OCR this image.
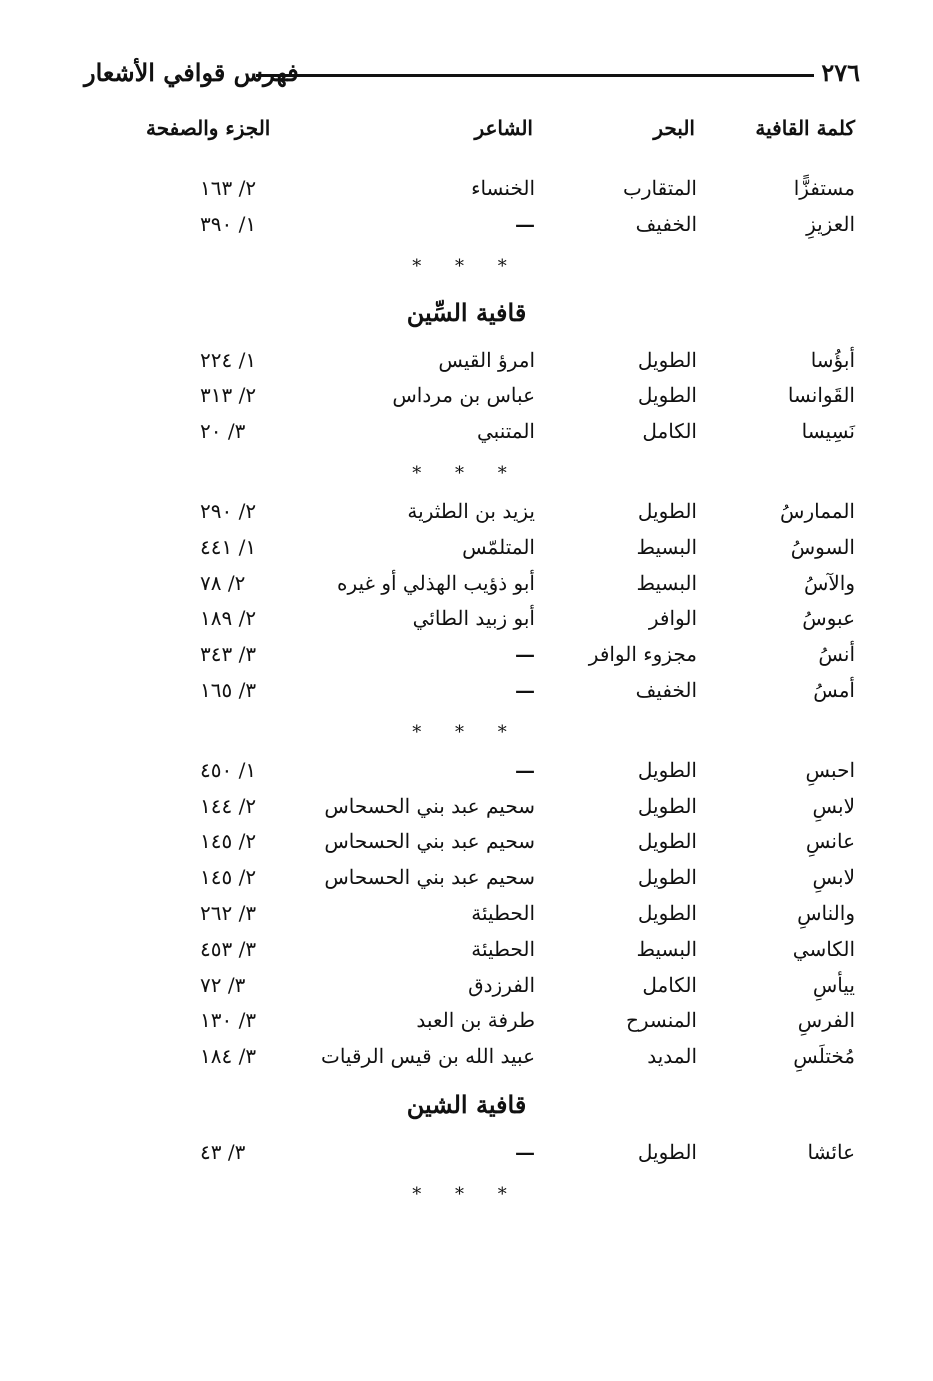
٢٧٦
فهرس قوافي الأشعار
كلمة القافية
البحر
الشاعر
الجزء والصفحة
مستفزًّا
المتقارب
الخنساء
٢/ ١٦٣
العزيزِ
الخفيف
—
١/ ٣٩٠
* * *
قافية السِّين
أبؤُسا
الطويل
امرؤ القيس
١/ ٢٢٤
القَوانسا
الطويل
عباس بن مرداس
٢/ ٣١٣
نَسِيسا
الكامل
المتنبي
٣/ ٢٠
* * *
الممارسُ
الطويل
يزيد بن الطثرية
٢/ ٢٩٠
السوسُ
البسيط
المتلمّس
١/ ٤٤١
والآسُ
البسيط
أبو ذؤيب الهذلي أو غيره
٢/ ٧٨
عبوسُ
الوافر
أبو زبيد الطائي
٢/ ١٨٩
أنسُ
مجزوء الوافر
—
٣/ ٣٤٣
أمسُ
الخفيف
—
٣/ ١٦٥
* * *
احبسِ
الطويل
—
١/ ٤٥٠
لابسِ
الطويل
سحيم عبد بني الحسحاس
٢/ ١٤٤
عانسِ
الطويل
سحيم عبد بني الحسحاس
٢/ ١٤٥
لابسِ
الطويل
سحيم عبد بني الحسحاس
٢/ ١٤٥
والناسِ
الطويل
الحطيئة
٣/ ٢٦٢
الكاسي
البسيط
الحطيئة
٣/ ٤٥٣
ييأسِ
الكامل
الفرزدق
٣/ ٧٢
الفرسِ
المنسرح
طرفة بن العبد
٣/ ١٣٠
مُختلَسِ
المديد
عبيد الله بن قيس الرقيات
٣/ ١٨٤
قافية الشين
عائشا
الطويل
—
٣/ ٤٣
* * *
